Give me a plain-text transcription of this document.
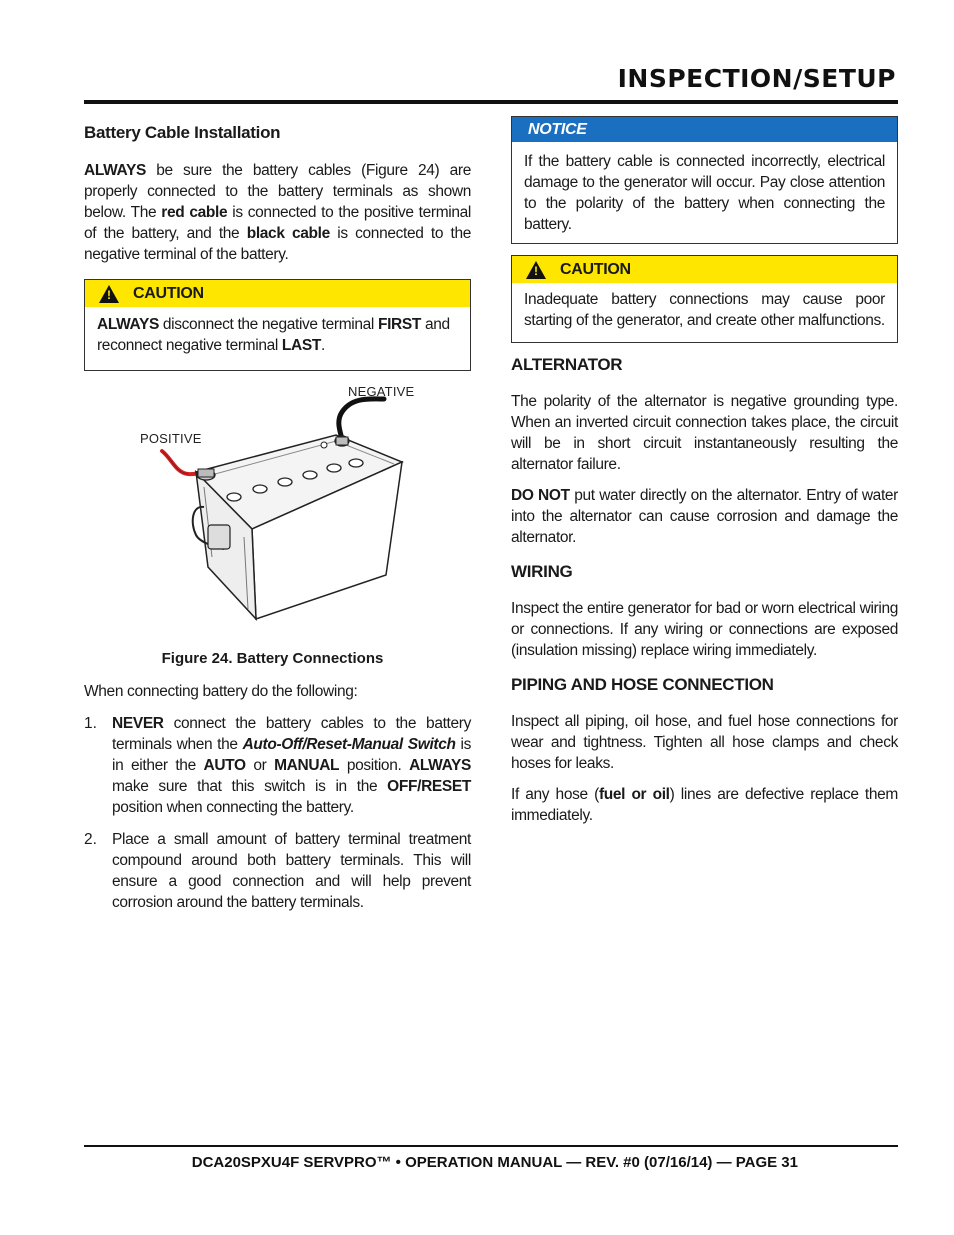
INSPECTION/SETUP
Battery Cable Installation

ALWAYS be sure the battery cables (Figure 24) are properly connected to the battery terminals as shown below. The red cable is connected to the positive terminal of the battery, and the black cable is connected to the negative terminal of the battery.

! CAUTION

ALWAYS disconnect the negative terminal FIRST and reconnect negative terminal LAST.

NEGATIVE
POSITIVE
Figure 24. Battery Connections

When connecting battery do the following:

1. NEVER connect the battery cables to the battery terminals when the Auto-Off/Reset-Manual Switch is in either the AUTO or MANUAL position. ALWAYS make sure that this switch is in the OFF/RESET position when connecting the battery.

2. Place a small amount of battery terminal treatment compound around both battery terminals. This will ensure a good connection and will help prevent corrosion around the battery terminals.

NOTICE

If the battery cable is connected incorrectly, electrical damage to the generator will occur. Pay close attention to the polarity of the battery when connecting the battery.

! CAUTION

Inadequate battery connections may cause poor starting of the generator, and create other malfunctions.

ALTERNATOR

The polarity of the alternator is negative grounding type. When an inverted circuit connection takes place, the circuit will be in short circuit instantaneously resulting the alternator failure.

DO NOT put water directly on the alternator. Entry of water into the alternator can cause corrosion and damage the alternator.

WIRING

Inspect the entire generator for bad or worn electrical wiring or connections. If any wiring or connections are exposed (insulation missing) replace wiring immediately.

PIPING AND HOSE CONNECTION

Inspect all piping, oil hose, and fuel hose connections for wear and tightness. Tighten all hose clamps and check hoses for leaks.

If any hose (fuel or oil) lines are defective replace them immediately.

DCA20SPXU4F SERVPRO™ • OPERATION MANUAL — REV. #0 (07/16/14) — PAGE 31
